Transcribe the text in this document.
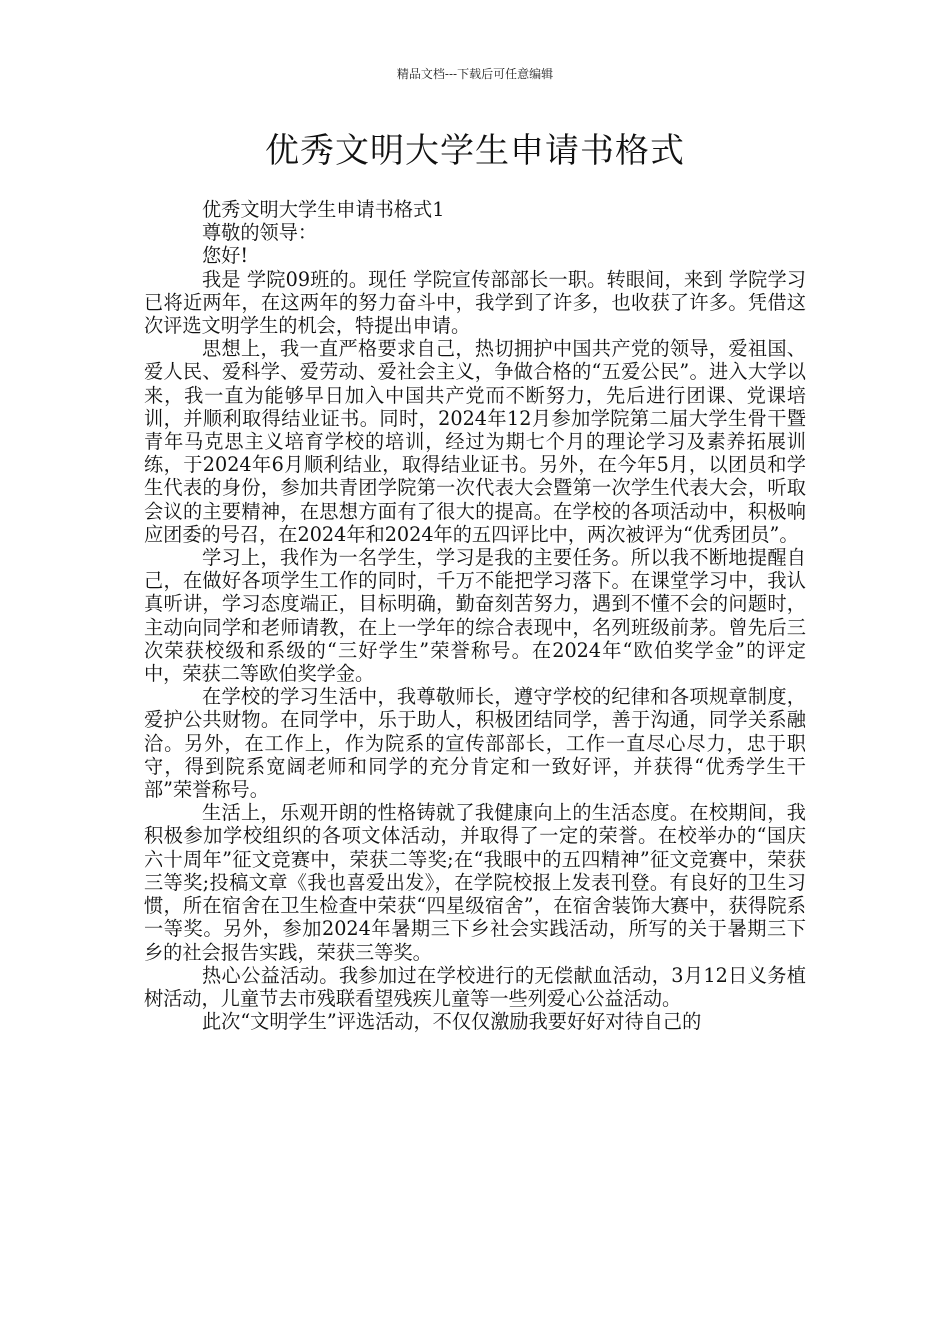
精品文档---下载后可任意编辑
优秀文明大学生申请书格式

优秀文明大学生申请书格式1

尊敬的领导：

您好!

我是 学院09班的。现任 学院宣传部部长一职。转眼间，来到 学院学习已将近两年，在这两年的努力奋斗中，我学到了许多，也收获了许多。凭借这次评选文明学生的机会，特提出申请。

思想上，我一直严格要求自己，热切拥护中国共产党的领导，爱祖国、爱人民、爱科学、爱劳动、爱社会主义，争做合格的“五爱公民”。进入大学以来，我一直为能够早日加入中国共产党而不断努力，先后进行团课、党课培训，并顺利取得结业证书。同时，2024年12月参加学院第二届大学生骨干暨青年马克思主义培育学校的培训，经过为期七个月的理论学习及素养拓展训练，于2024年6月顺利结业，取得结业证书。另外，在今年5月，以团员和学生代表的身份，参加共青团学院第一次代表大会暨第一次学生代表大会，听取会议的主要精神，在思想方面有了很大的提高。在学校的各项活动中，积极响应团委的号召，在2024年和2024年的五四评比中，两次被评为“优秀团员”。

学习上，我作为一名学生，学习是我的主要任务。所以我不断地提醒自己，在做好各项学生工作的同时，千万不能把学习落下。在课堂学习中，我认真听讲，学习态度端正，目标明确，勤奋刻苦努力，遇到不懂不会的问题时，主动向同学和老师请教，在上一学年的综合表现中，名列班级前茅。曾先后三次荣获校级和系级的“三好学生”荣誉称号。在2024年“欧伯奖学金”的评定中，荣获二等欧伯奖学金。

在学校的学习生活中，我尊敬师长，遵守学校的纪律和各项规章制度，爱护公共财物。在同学中，乐于助人，积极团结同学，善于沟通，同学关系融洽。另外，在工作上，作为院系的宣传部部长，工作一直尽心尽力，忠于职守，得到院系宽阔老师和同学的充分肯定和一致好评，并获得“优秀学生干部”荣誉称号。

生活上，乐观开朗的性格铸就了我健康向上的生活态度。在校期间，我积极参加学校组织的各项文体活动，并取得了一定的荣誉。在校举办的“国庆六十周年”征文竞赛中，荣获二等奖;在“我眼中的五四精神”征文竞赛中，荣获三等奖;投稿文章《我也喜爱出发》，在学院校报上发表刊登。有良好的卫生习惯，所在宿舍在卫生检查中荣获“四星级宿舍”，在宿舍装饰大赛中，获得院系一等奖。另外，参加2024年暑期三下乡社会实践活动，所写的关于暑期三下乡的社会报告实践，荣获三等奖。

热心公益活动。我参加过在学校进行的无偿献血活动，3月12日义务植树活动，儿童节去市残联看望残疾儿童等一些列爱心公益活动。

此次“文明学生”评选活动，不仅仅激励我要好好对待自己的
